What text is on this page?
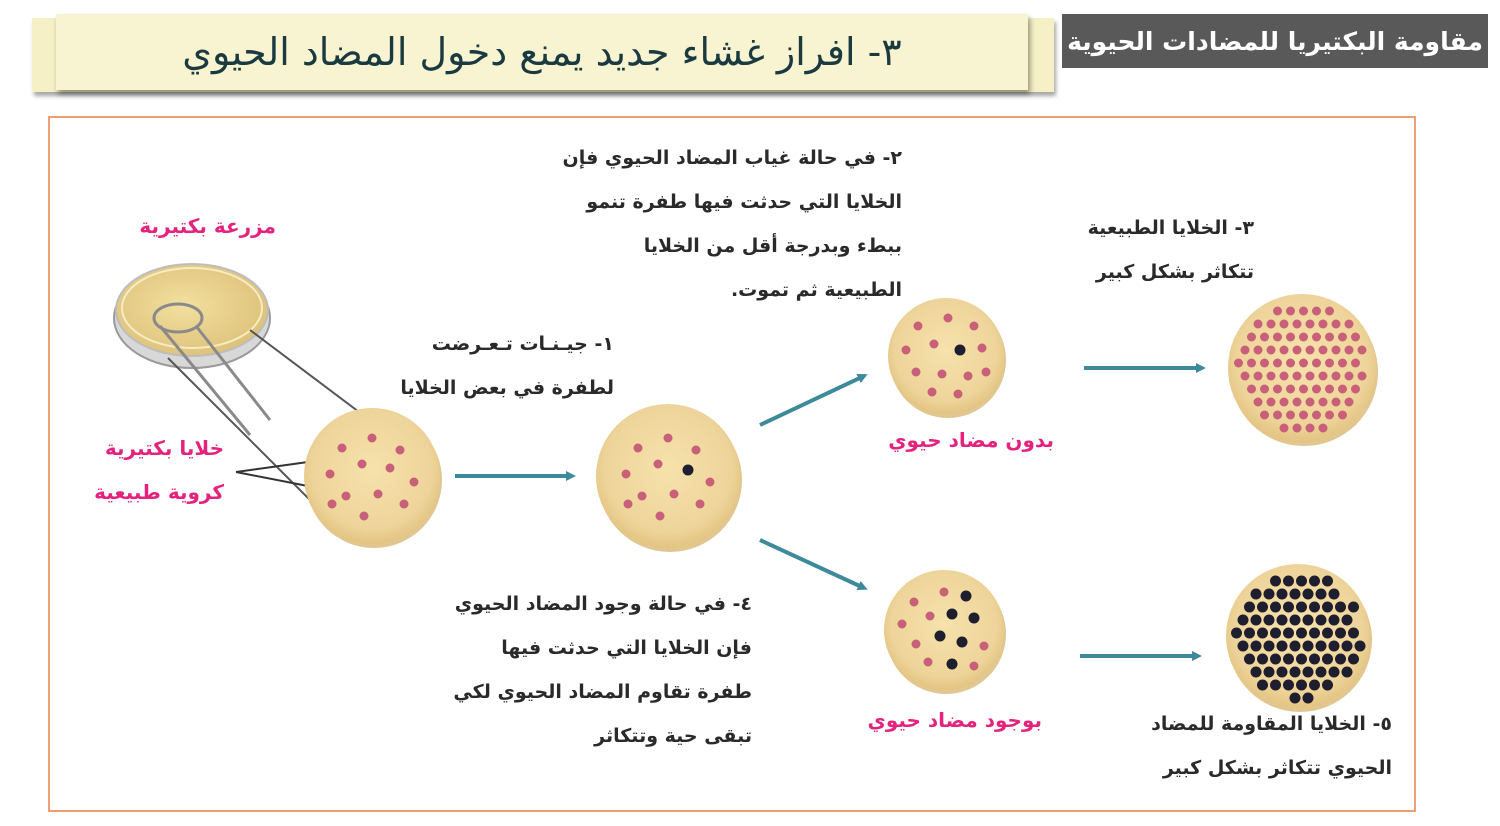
مقاومة البكتيريا للمضادات الحيوية
٣- افراز غشاء جديد يمنع دخول المضاد الحيوي
مزرعة بكتيرية
خلايا بكتيرية
كروية طبيعية
١- جيـنـات تـعـرضت
لطفرة في بعض الخلايا
٢- في حالة غياب المضاد الحيوي فإن
الخلايا التي حدثت فيها طفرة تنمو
ببطء وبدرجة أقل من الخلايا
الطبيعية ثم تموت.
٣- الخلايا الطبيعية
تتكاثر بشكل كبير
بدون مضاد حيوي
بوجود مضاد حيوي
٤- في حالة وجود المضاد الحيوي
فإن الخلايا التي حدثت فيها
طفرة تقاوم المضاد الحيوي لكي
تبقى حية وتتكاثر
٥- الخلايا المقاومة للمضاد
الحيوي تتكاثر بشكل كبير
